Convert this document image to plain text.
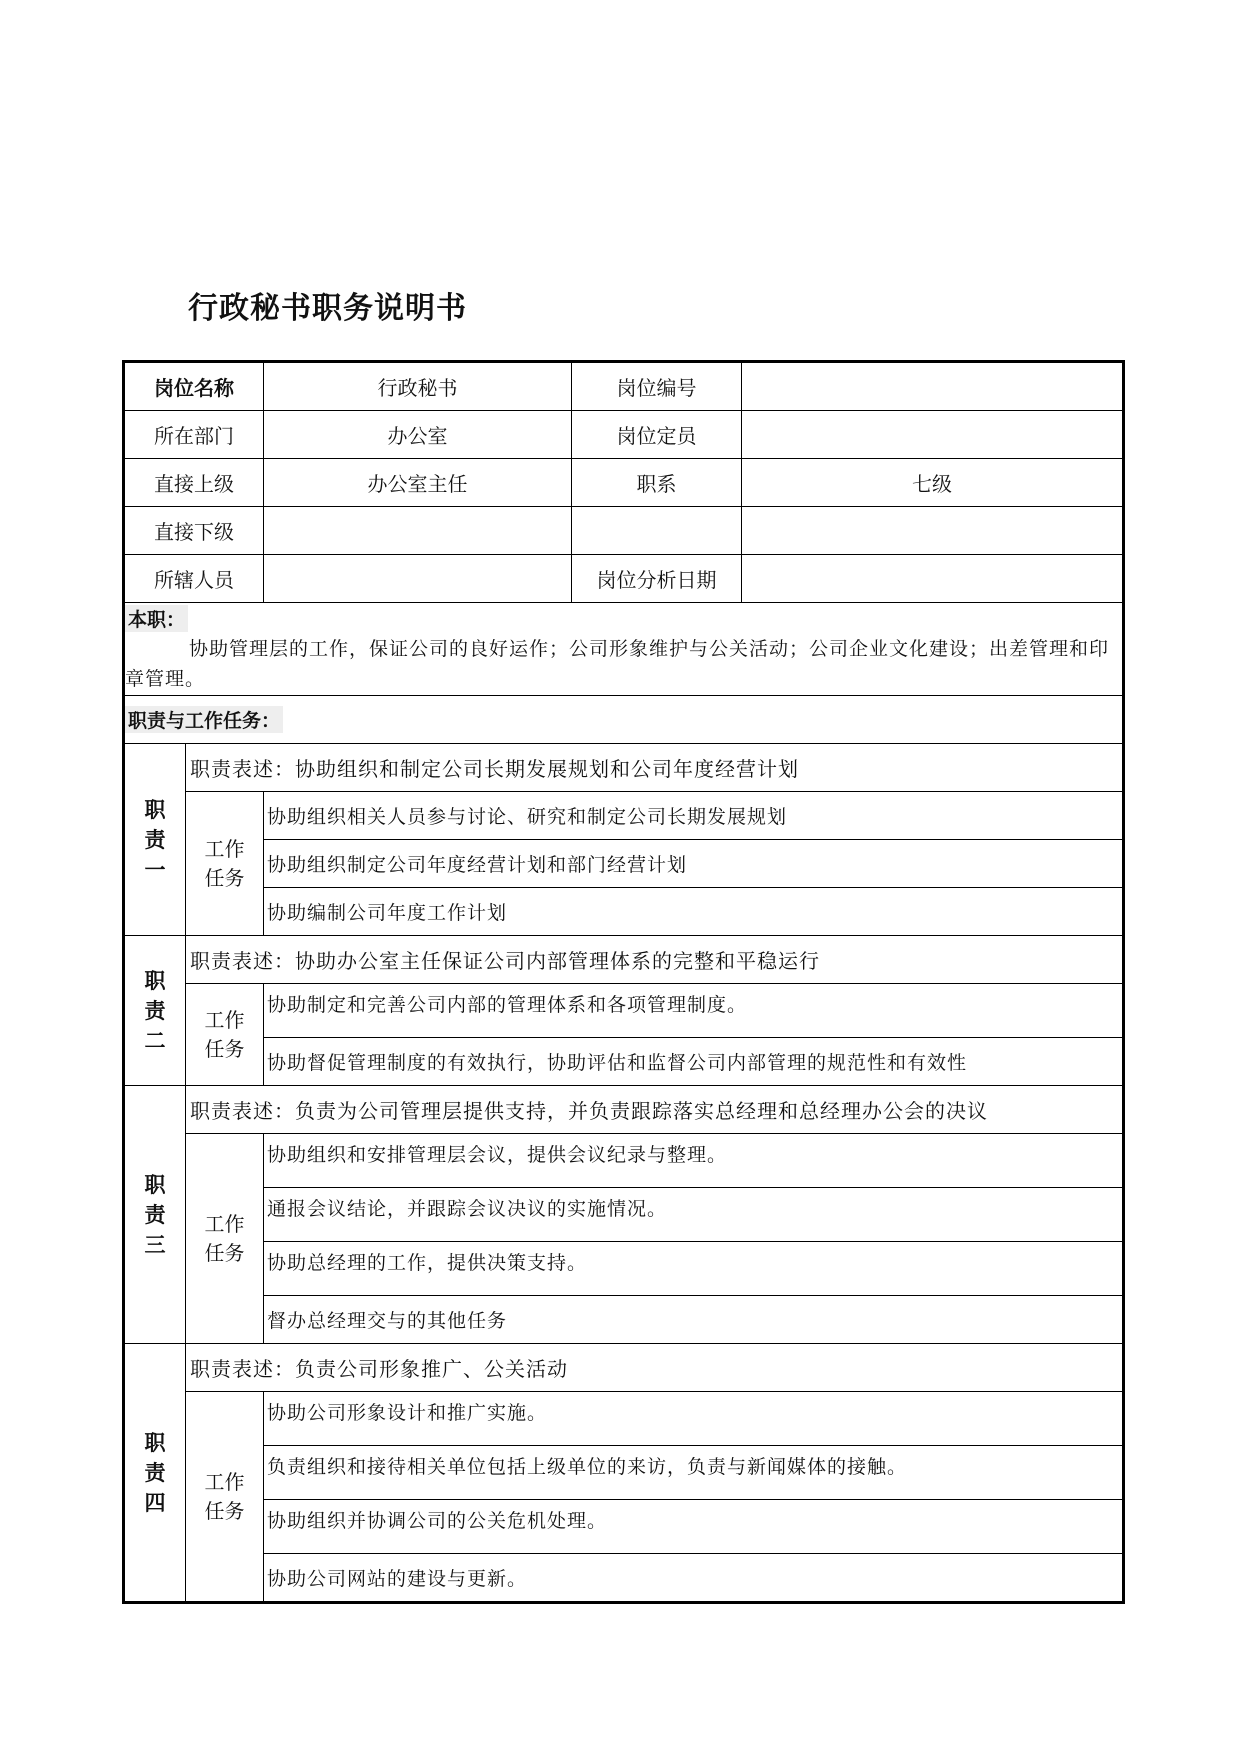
行政秘书职务说明书
岗位名称		行政秘书	岗位编号	
所在部门		办公室	岗位定员	
直接上级		办公室主任	职系	七级
直接下级				
所辖人员			岗位分析日期	
本职：
协助管理层的工作，保证公司的良好运作；公司形象维护与公关活动；公司企业文化建设；出差管理和印章管理。				

职责与工作任务：				
职
责
一	职责表述：协助组织和制定公司长期发展规划和公司年度经营计划			
	工作
任务	协助组织相关人员参与讨论、研究和制定公司长期发展规划		
		协助组织制定公司年度经营计划和部门经营计划		
		协助编制公司年度工作计划		
职
责
二	职责表述：协助办公室主任保证公司内部管理体系的完整和平稳运行			
	工作
任务	协助制定和完善公司内部的管理体系和各项管理制度。		
		协助督促管理制度的有效执行，协助评估和监督公司内部管理的规范性和有效性		
职
责
三	职责表述：负责为公司管理层提供支持，并负责跟踪落实总经理和总经理办公会的决议			
	工作
任务	协助组织和安排管理层会议，提供会议纪录与整理。		
		通报会议结论，并跟踪会议决议的实施情况。		
		协助总经理的工作，提供决策支持。		
		督办总经理交与的其他任务		
职
责
四	职责表述：负责公司形象推广、公关活动			
	工作
任务	协助公司形象设计和推广实施。		
		负责组织和接待相关单位包括上级单位的来访，负责与新闻媒体的接触。		
		协助组织并协调公司的公关危机处理。		
		协助公司网站的建设与更新。		
